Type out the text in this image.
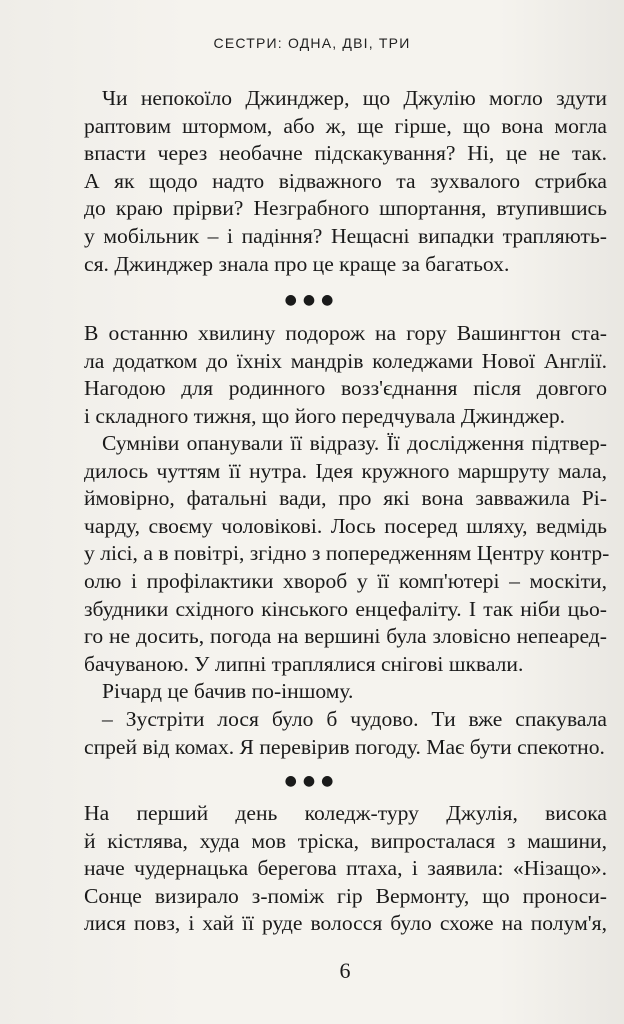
СЕСТРИ: ОДНА, ДВІ, ТРИ
Чи непокоїло Джинджер, що Джулію могло здути
раптовим штормом, або ж, ще гірше, що вона могла
впасти через необачне підскакування? Ні, це не так.
А як щодо надто відважного та зухвалого стрибка
до краю прірви? Незграбного шпортання, втупившись
у мобільник – і падіння? Нещасні випадки трапляють-
ся. Джинджер знала про це краще за багатьох.
●●●
В останню хвилину подорож на гору Вашингтон ста-
ла додатком до їхніх мандрів коледжами Нової Англії.
Нагодою для родинного возз'єднання після довгого
і складного тижня, що його передчувала Джинджер.
Сумніви опанували її відразу. Її дослідження підтвер-
дилось чуттям її нутра. Ідея кружного маршруту мала,
ймовірно, фатальні вади, про які вона завважила Рі-
чарду, своєму чоловікові. Лось посеред шляху, ведмідь
у лісі, а в повітрі, згідно з попередженням Центру контр-
олю і профілактики хвороб у її комп'ютері – москіти,
збудники східного кінського енцефаліту. І так ніби цьо-
го не досить, погода на вершині була зловісно непеаред-
бачуваною. У липні траплялися снігові шквали.
Річард це бачив по-іншому.
– Зустріти лося було б чудово. Ти вже спакувала
спрей від комах. Я перевірив погоду. Має бути спекотно.
●●●
На перший день коледж-туру Джулія, висока
й кістлява, худа мов тріска, випросталася з машини,
наче чудернацька берегова птаха, і заявила: «Нізащо».
Сонце визирало з-поміж гір Вермонту, що проноси-
лися повз, і хай її руде волосся було схоже на полум'я,
6
